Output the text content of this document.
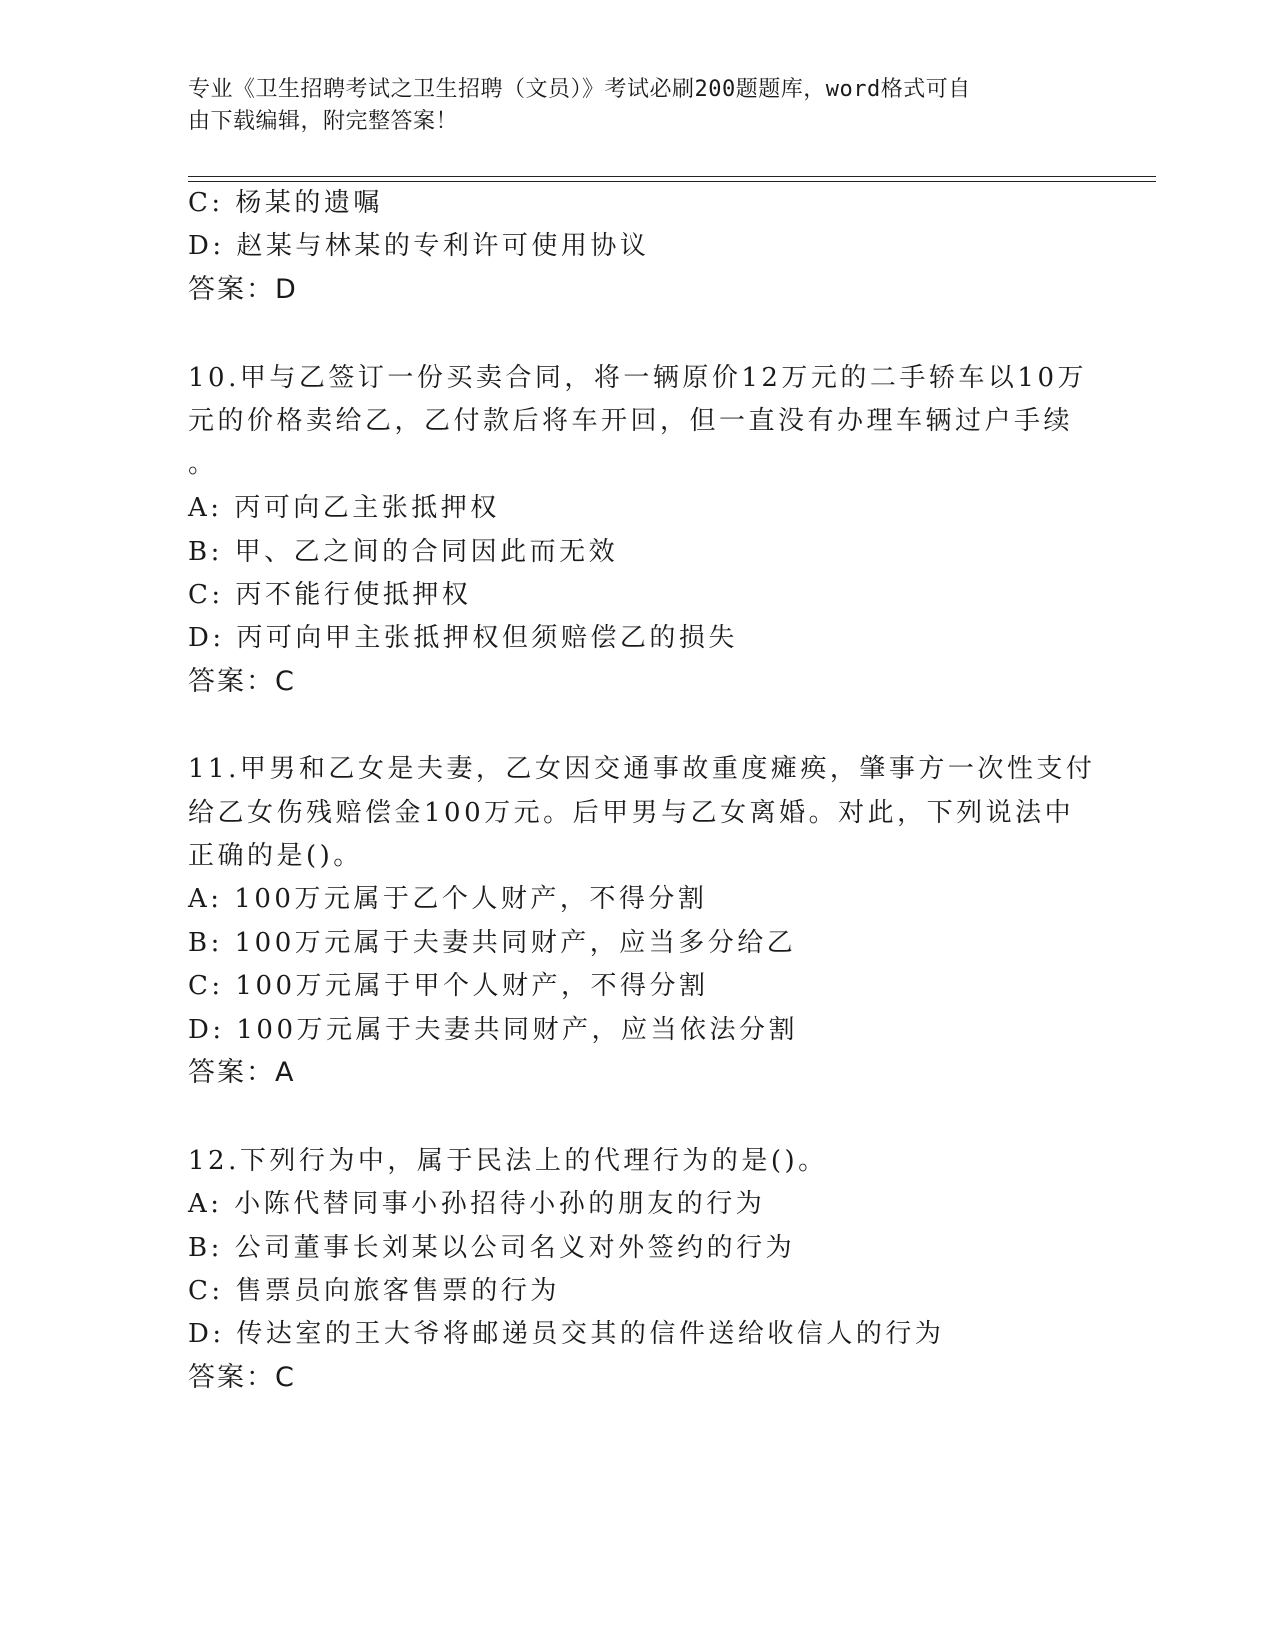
专业《卫生招聘考试之卫生招聘（文员）》考试必刷200题题库，word格式可自
由下载编辑，附完整答案！
C: 杨某的遗嘱
D: 赵某与林某的专利许可使用协议
答案：D
10.甲与乙签订一份买卖合同，将一辆原价12万元的二手轿车以10万
元的价格卖给乙，乙付款后将车开回，但一直没有办理车辆过户手续
。
A: 丙可向乙主张抵押权
B: 甲、乙之间的合同因此而无效
C: 丙不能行使抵押权
D: 丙可向甲主张抵押权但须赔偿乙的损失
答案：C
11.甲男和乙女是夫妻，乙女因交通事故重度瘫痪，肇事方一次性支付
给乙女伤残赔偿金100万元。后甲男与乙女离婚。对此，下列说法中
正确的是()。
A: 100万元属于乙个人财产，不得分割
B: 100万元属于夫妻共同财产，应当多分给乙
C: 100万元属于甲个人财产，不得分割
D: 100万元属于夫妻共同财产，应当依法分割
答案：A
12.下列行为中，属于民法上的代理行为的是()。
A: 小陈代替同事小孙招待小孙的朋友的行为
B: 公司董事长刘某以公司名义对外签约的行为
C: 售票员向旅客售票的行为
D: 传达室的王大爷将邮递员交其的信件送给收信人的行为
答案：C
